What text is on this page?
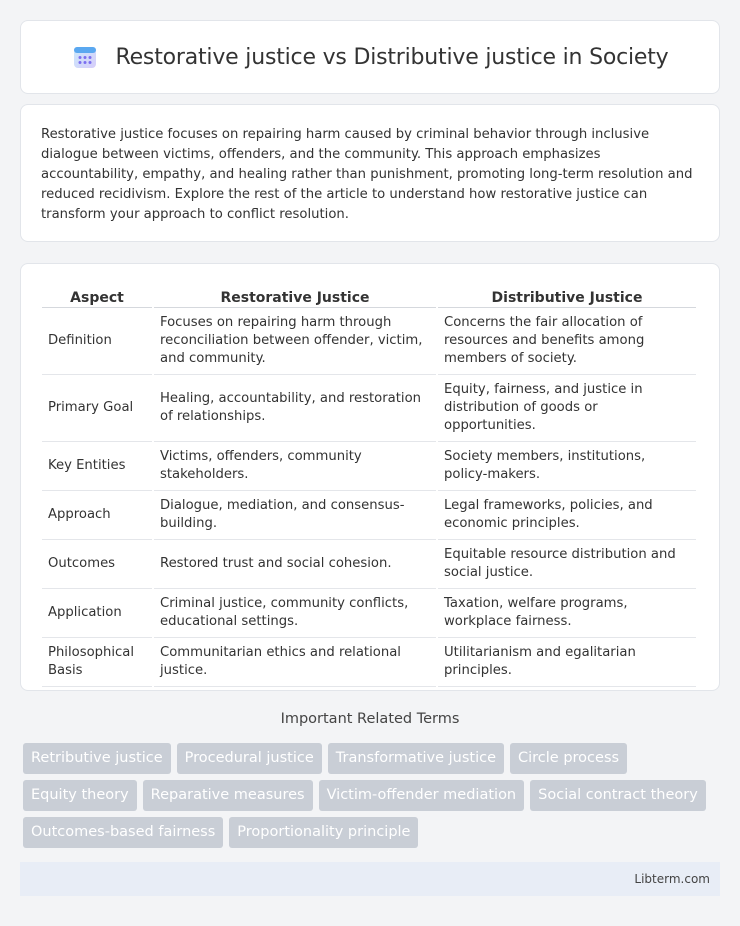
Restorative justice vs Distributive justice in Society

Restorative justice focuses on repairing harm caused by criminal behavior through inclusive dialogue between victims, offenders, and the community. This approach emphasizes accountability, empathy, and healing rather than punishment, promoting long-term resolution and reduced recidivism. Explore the rest of the article to understand how restorative justice can transform your approach to conflict resolution.

Aspect	Restorative Justice	Distributive Justice
Definition	Focuses on repairing harm through reconciliation between offender, victim, and community.	Concerns the fair allocation of resources and benefits among members of society.
Primary Goal	Healing, accountability, and restoration of relationships.	Equity, fairness, and justice in distribution of goods or opportunities.
Key Entities	Victims, offenders, community stakeholders.	Society members, institutions, policy-makers.
Approach	Dialogue, mediation, and consensus-building.	Legal frameworks, policies, and economic principles.
Outcomes	Restored trust and social cohesion.	Equitable resource distribution and social justice.
Application	Criminal justice, community conflicts, educational settings.	Taxation, welfare programs, workplace fairness.
Philosophical Basis	Communitarian ethics and relational justice.	Utilitarianism and egalitarian principles.
Important Related Terms
Retributive justice	Procedural justice	Transformative justice	Circle process
Equity theory	Reparative measures	Victim-offender mediation	Social contract theory
Outcomes-based fairness	Proportionality principle
Libterm.com
